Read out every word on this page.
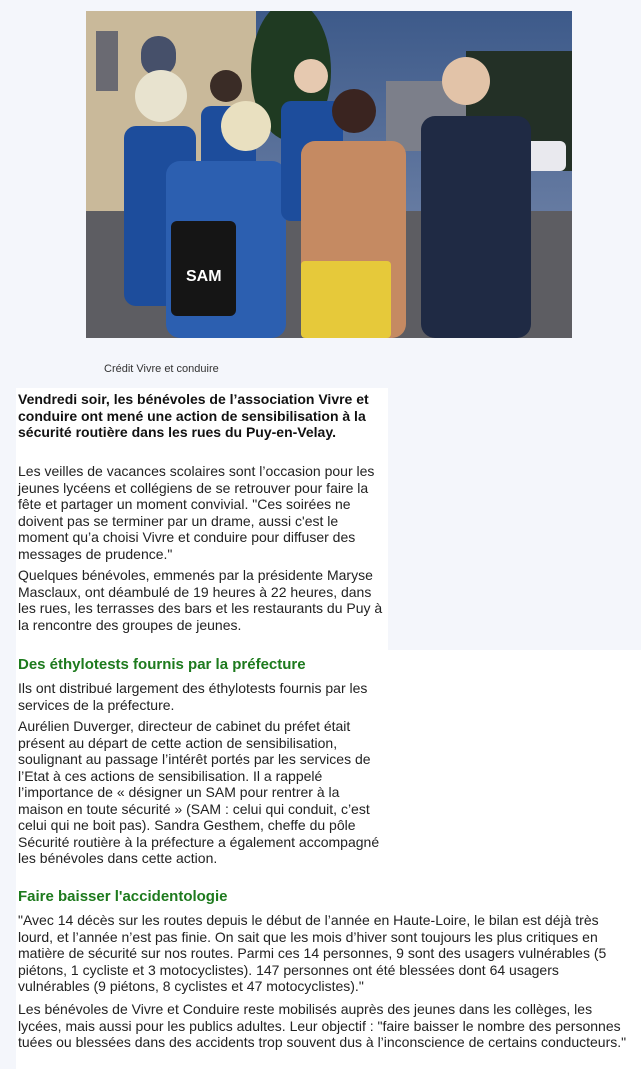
SAM
Crédit Vivre et conduire
Vendredi soir, les bénévoles de l’association Vivre et conduire ont mené une action de sensibilisation à la sécurité routière dans les rues du Puy-en-Velay.

Les veilles de vacances scolaires sont l’occasion pour les jeunes lycéens et collégiens de se retrouver pour faire la fête et partager un moment convivial. "Ces soirées ne doivent pas se terminer par un drame, aussi c'est le moment qu’a choisi Vivre et conduire pour diffuser des messages de prudence."

Quelques bénévoles, emmenés par la présidente Maryse Masclaux, ont déambulé de 19 heures à 22 heures, dans les rues, les terrasses des bars et les restaurants du Puy à la rencontre des groupes de jeunes.

Des éthylotests fournis par la préfecture

Ils ont distribué largement des éthylotests fournis par les services de la préfecture.

Aurélien Duverger, directeur de cabinet du préfet était présent au départ de cette action de sensibilisation, soulignant au passage l’intérêt portés par les services de l’Etat à ces actions de sensibilisation. Il a rappelé l’importance de « désigner un SAM pour rentrer à la maison en toute sécurité » (SAM : celui qui conduit, c’est celui qui ne boit pas). Sandra Gesthem, cheffe du pôle Sécurité routière à la préfecture a également accompagné les bénévoles dans cette action.

Faire baisser l'accidentologie

"Avec 14 décès sur les routes depuis le début de l’année en Haute-Loire, le bilan est déjà très lourd, et l’année n’est pas finie. On sait que les mois d’hiver sont toujours les plus critiques en matière de sécurité sur nos routes. Parmi ces 14 personnes, 9 sont des usagers vulnérables (5 piétons, 1 cycliste et 3 motocyclistes). 147 personnes ont été blessées dont 64 usagers vulnérables (9 piétons, 8 cyclistes et 47 motocyclistes)."

Les bénévoles de Vivre et Conduire reste mobilisés auprès des jeunes dans les collèges, les lycées, mais aussi pour les publics adultes. Leur objectif : "faire baisser le nombre des personnes tuées ou blessées dans des accidents trop souvent dus à l’inconscience de certains conducteurs."
